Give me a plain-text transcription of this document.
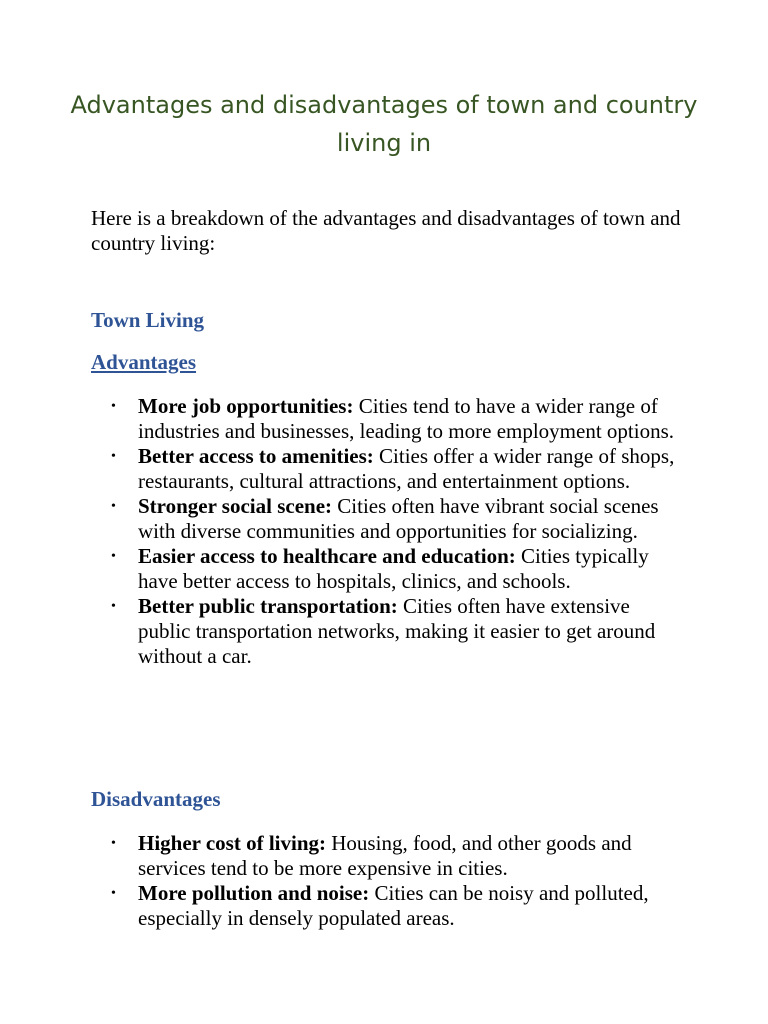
Advantages and disadvantages of town and country living in

Here is a breakdown of the advantages and disadvantages of town and country living:

Town Living
Advantages
• More job opportunities: Cities tend to have a wider range of industries and businesses, leading to more employment options.
• Better access to amenities: Cities offer a wider range of shops, restaurants, cultural attractions, and entertainment options.
• Stronger social scene: Cities often have vibrant social scenes with diverse communities and opportunities for socializing.
• Easier access to healthcare and education: Cities typically have better access to hospitals, clinics, and schools.
• Better public transportation: Cities often have extensive public transportation networks, making it easier to get around without a car.
Disadvantages
• Higher cost of living: Housing, food, and other goods and services tend to be more expensive in cities.
• More pollution and noise: Cities can be noisy and polluted, especially in densely populated areas.
